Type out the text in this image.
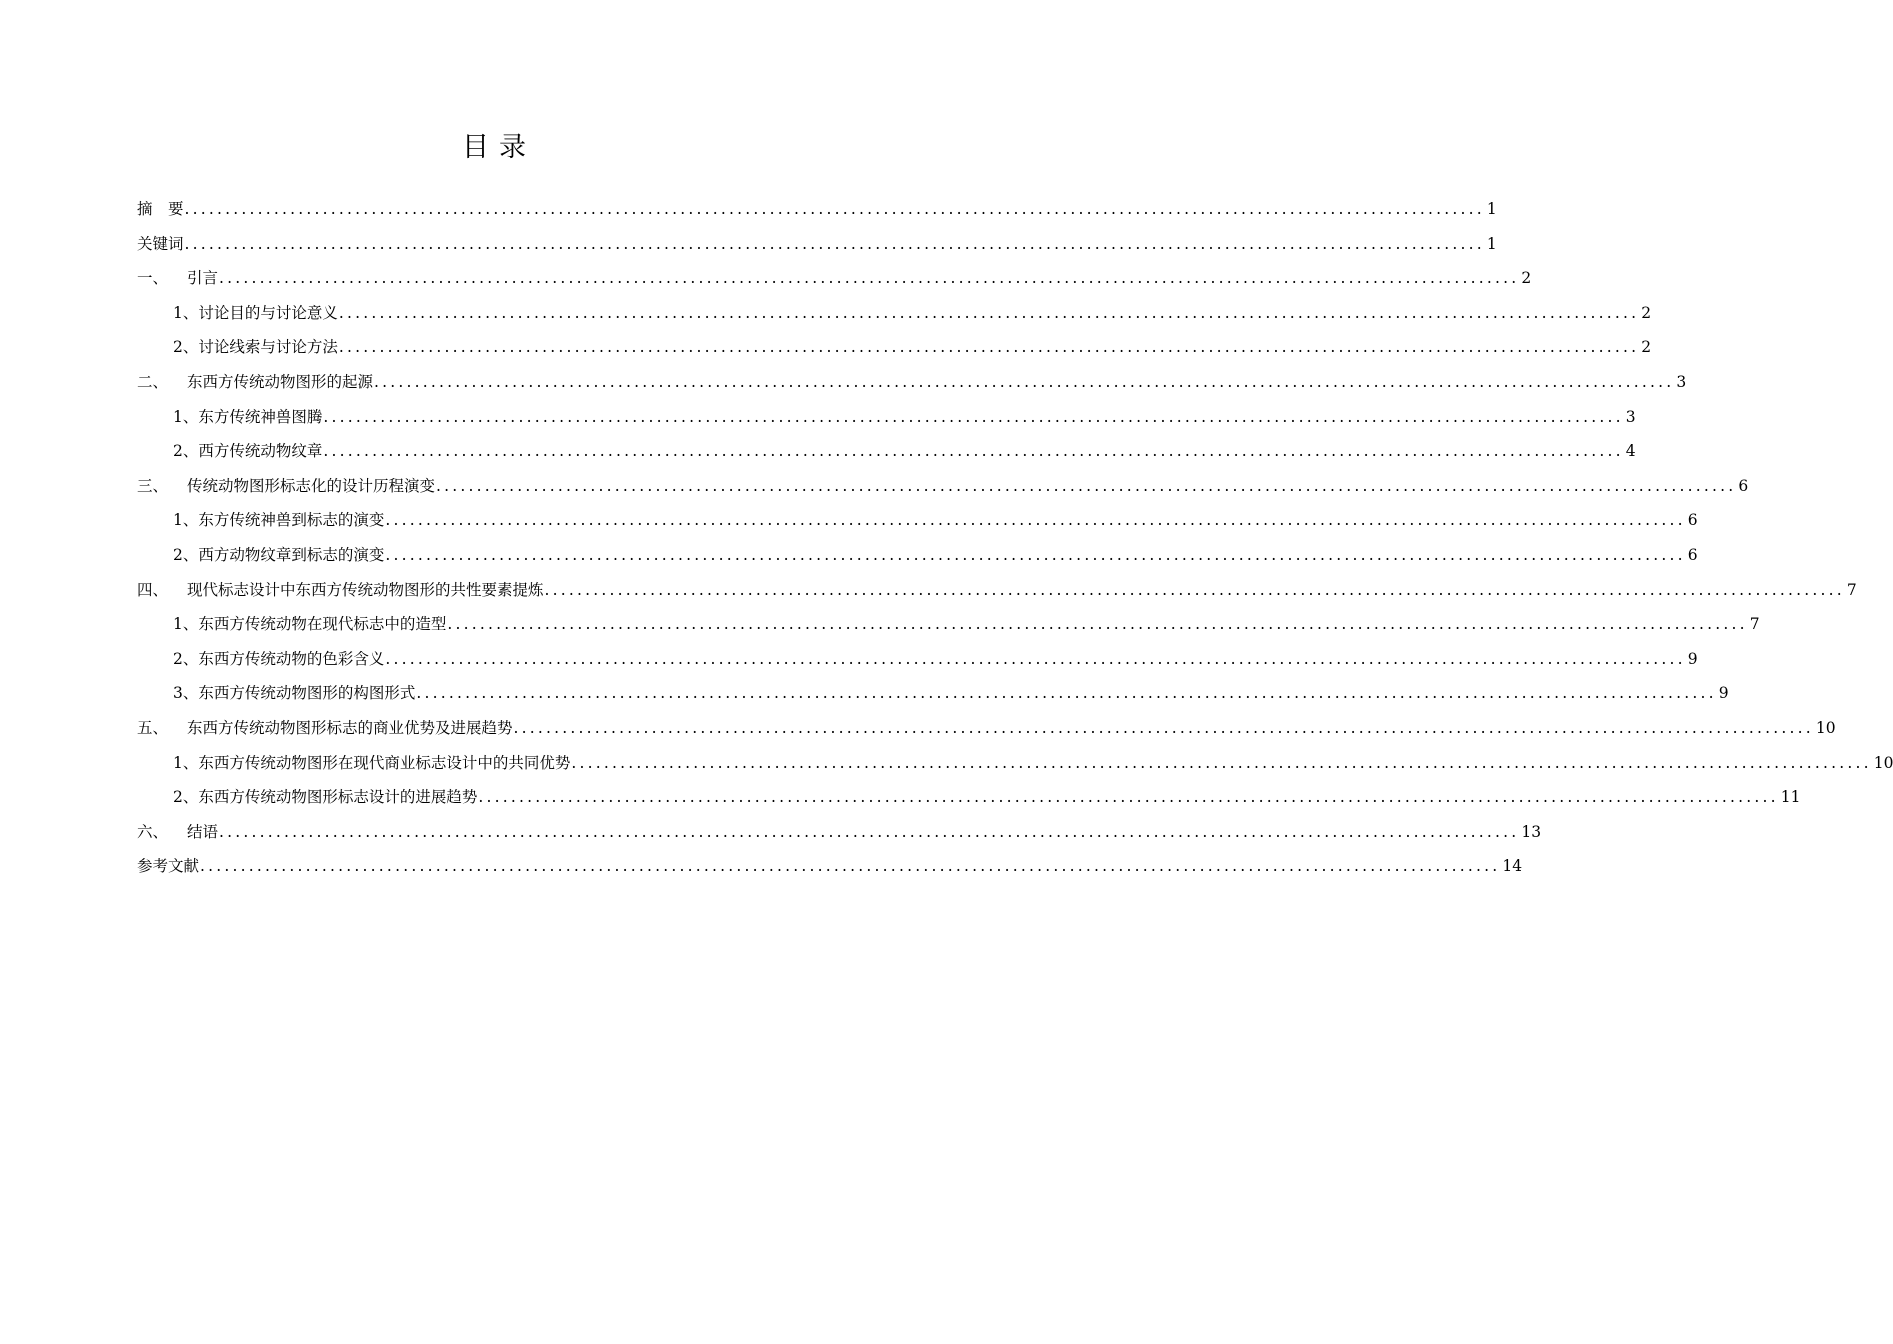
目录
摘　要 ................................................................................................................................................................ 1
关键词 ................................................................................................................................................................ 1
一、 引言 ................................................................................................................................................................ 2
1、讨论目的与讨论意义 ................................................................................................................................................................ 2
2、讨论线索与讨论方法 ................................................................................................................................................................ 2
二、 东西方传统动物图形的起源 ................................................................................................................................................................ 3
1、东方传统神兽图腾 ................................................................................................................................................................ 3
2、西方传统动物纹章 ................................................................................................................................................................ 4
三、 传统动物图形标志化的设计历程演变 ................................................................................................................................................................ 6
1、东方传统神兽到标志的演变 ................................................................................................................................................................ 6
2、西方动物纹章到标志的演变 ................................................................................................................................................................ 6
四、 现代标志设计中东西方传统动物图形的共性要素提炼 ................................................................................................................................................................ 7
1、东西方传统动物在现代标志中的造型 ................................................................................................................................................................ 7
2、东西方传统动物的色彩含义 ................................................................................................................................................................ 9
3、东西方传统动物图形的构图形式 ................................................................................................................................................................ 9
五、 东西方传统动物图形标志的商业优势及进展趋势 ................................................................................................................................................................ 10
1、东西方传统动物图形在现代商业标志设计中的共同优势 ................................................................................................................................................................ 10
2、东西方传统动物图形标志设计的进展趋势 ................................................................................................................................................................ 11
六、 结语 ................................................................................................................................................................ 13
参考文献 ................................................................................................................................................................ 14
